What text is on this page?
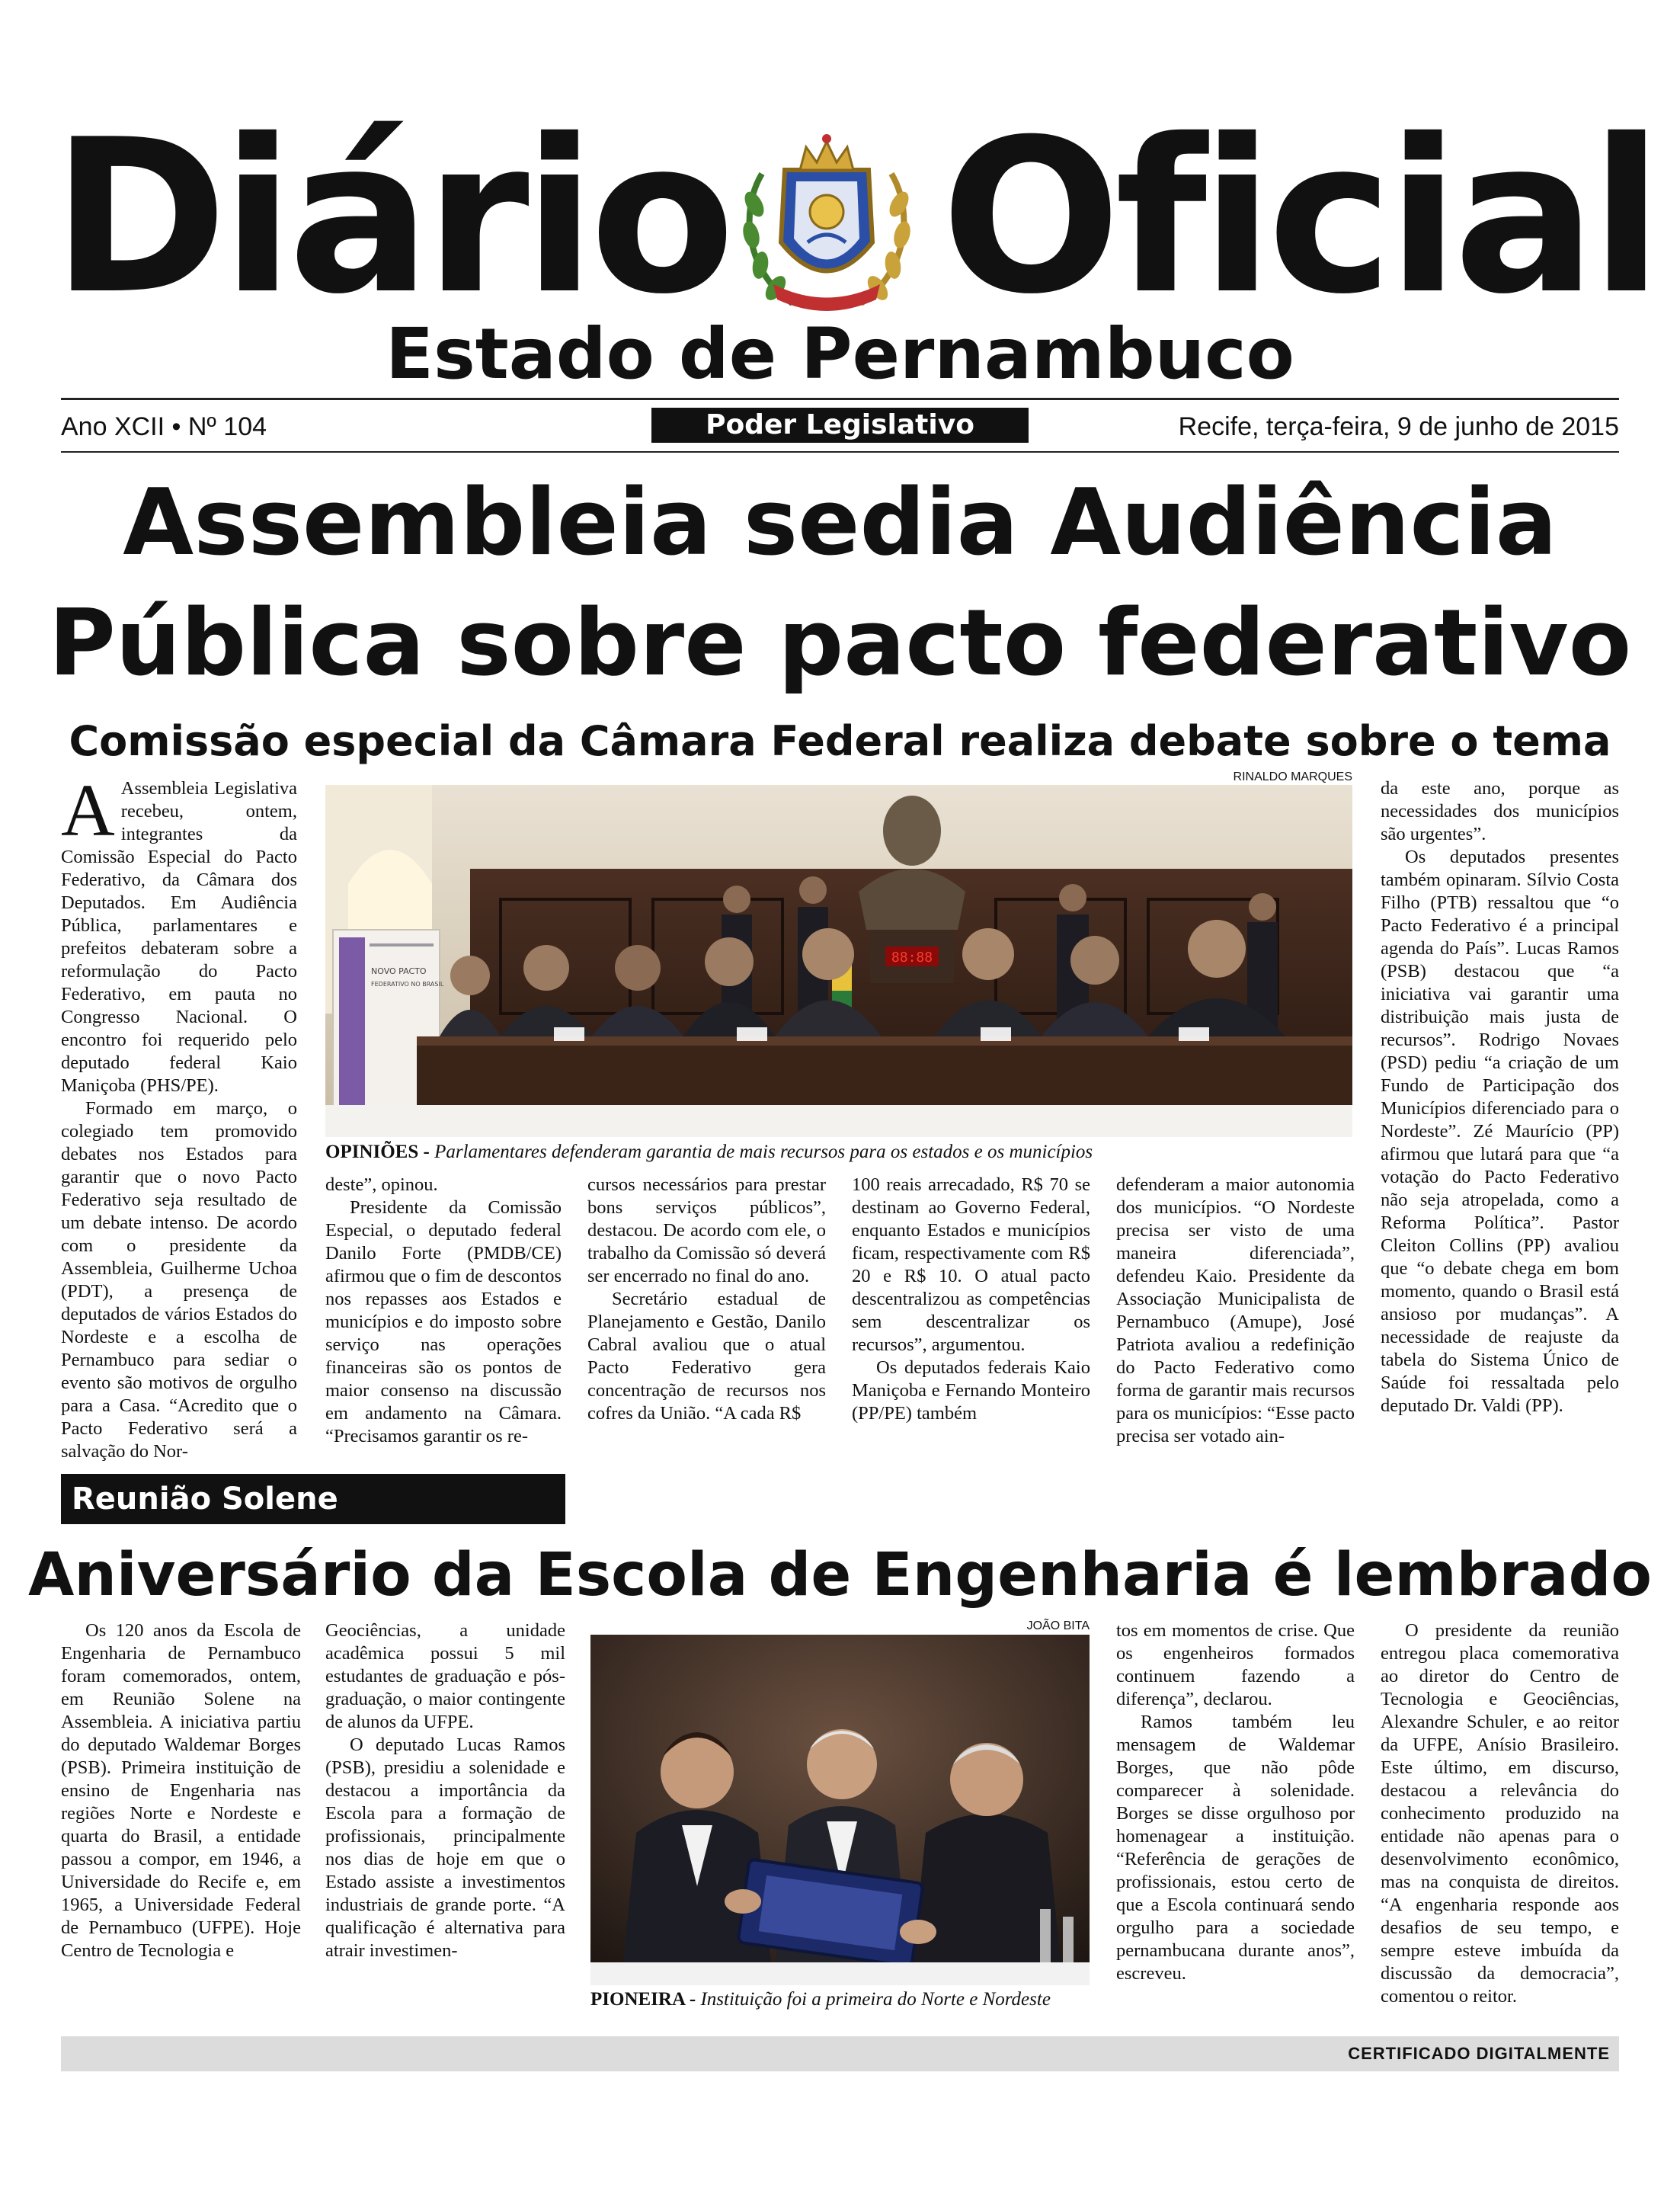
Diário Oficial
Estado de Pernambuco
Ano XCII • Nº 104	Poder Legislativo	Recife, terça-feira, 9 de junho de 2015
Assembleia sedia Audiência
Pública sobre pacto federativo
Comissão especial da Câmara Federal realiza debate sobre o tema

A Assembleia Legislativa recebeu, ontem, integrantes da Comissão Especial do Pacto Federativo, da Câmara dos Deputados. Em Audiência Pública, parlamentares e prefeitos debateram sobre a reformulação do Pacto Federativo, em pauta no Congresso Nacional. O encontro foi requerido pelo deputado federal Kaio Maniçoba (PHS/PE).

Formado em março, o colegiado tem promovido debates nos Estados para garantir que o novo Pacto Federativo seja resultado de um debate intenso. De acordo com o presidente da Assembleia, Guilherme Uchoa (PDT), a presença de deputados de vários Estados do Nordeste e a escolha de Pernambuco para sediar o evento são motivos de orgulho para a Casa. “Acredito que o Pacto Federativo será a salvação do Nor-

RINALDO MARQUES
88:88
NOVO PACTO
FEDERATIVO NO BRASIL
OPINIÕES - Parlamentares defenderam garantia de mais recursos para os estados e os municípios

deste”, opinou.

Presidente da Comissão Especial, o deputado federal Danilo Forte (PMDB/CE) afirmou que o fim de descontos nos repasses aos Estados e municípios e do imposto sobre serviço nas operações financeiras são os pontos de maior consenso na discussão em andamento na Câmara. “Precisamos garantir os re-

cursos necessários para prestar bons serviços públicos”, destacou. De acordo com ele, o trabalho da Comissão só deverá ser encerrado no final do ano.

Secretário estadual de Planejamento e Gestão, Danilo Cabral avaliou que o atual Pacto Federativo gera concentração de recursos nos cofres da União. “A cada R$

100 reais arrecadado, R$ 70 se destinam ao Governo Federal, enquanto Estados e municípios ficam, respectivamente com R$ 20 e R$ 10. O atual pacto descentralizou as competências sem descentralizar os recursos”, argumentou.

Os deputados federais Kaio Maniçoba e Fernando Monteiro (PP/PE) também

defenderam a maior autonomia dos municípios. “O Nordeste precisa ser visto de uma maneira diferenciada”, defendeu Kaio. Presidente da Associação Municipalista de Pernambuco (Amupe), José Patriota avaliou a redefinição do Pacto Federativo como forma de garantir mais recursos para os municípios: “Esse pacto precisa ser votado ain-

da este ano, porque as necessidades dos municípios são urgentes”.

Os deputados presentes também opinaram. Sílvio Costa Filho (PTB) ressaltou que “o Pacto Federativo é a principal agenda do País”. Lucas Ramos (PSB) destacou que “a iniciativa vai garantir uma distribuição mais justa de recursos”. Rodrigo Novaes (PSD) pediu “a criação de um Fundo de Participação dos Municípios diferenciado para o Nordeste”. Zé Maurício (PP) afirmou que lutará para que “a votação do Pacto Federativo não seja atropelada, como a Reforma Política”. Pastor Cleiton Collins (PP) avaliou que “o debate chega em bom momento, quando o Brasil está ansioso por mudanças”. A necessidade de reajuste da tabela do Sistema Único de Saúde foi ressaltada pelo deputado Dr. Valdi (PP).

Reunião Solene
Aniversário da Escola de Engenharia é lembrado

Os 120 anos da Escola de Engenharia de Pernambuco foram comemorados, ontem, em Reunião Solene na Assembleia. A iniciativa partiu do deputado Waldemar Borges (PSB). Primeira instituição de ensino de Engenharia nas regiões Norte e Nordeste e quarta do Brasil, a entidade passou a compor, em 1946, a Universidade do Recife e, em 1965, a Universidade Federal de Pernambuco (UFPE). Hoje Centro de Tecnologia e

Geociências, a unidade acadêmica possui 5 mil estudantes de graduação e pós-graduação, o maior contingente de alunos da UFPE.

O deputado Lucas Ramos (PSB), presidiu a solenidade e destacou a importância da Escola para a formação de profissionais, principalmente nos dias de hoje em que o Estado assiste a investimentos industriais de grande porte. “A qualificação é alternativa para atrair investimen-

JOÃO BITA
PIONEIRA - Instituição foi a primeira do Norte e Nordeste

tos em momentos de crise. Que os engenheiros formados continuem fazendo a diferença”, declarou.

Ramos também leu mensagem de Waldemar Borges, que não pôde comparecer à solenidade. Borges se disse orgulhoso por homenagear a instituição. “Referência de gerações de profissionais, estou certo de que a Escola continuará sendo orgulho para a sociedade pernambucana durante anos”, escreveu.

O presidente da reunião entregou placa comemorativa ao diretor do Centro de Tecnologia e Geociências, Alexandre Schuler, e ao reitor da UFPE, Anísio Brasileiro. Este último, em discurso, destacou a relevância do conhecimento produzido na entidade não apenas para o desenvolvimento econômico, mas na conquista de direitos. “A engenharia responde aos desafios de seu tempo, e sempre esteve imbuída da discussão da democracia”, comentou o reitor.

CERTIFICADO DIGITALMENTE
